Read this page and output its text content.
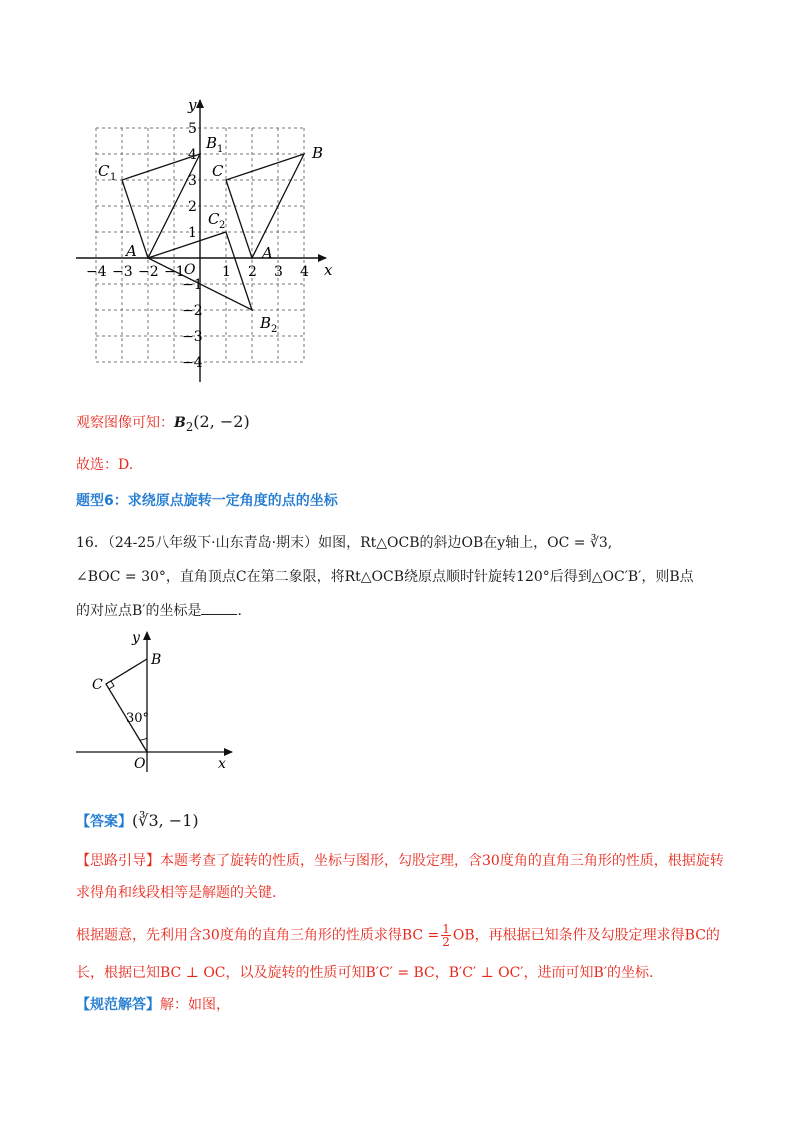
y
x
O
−4 −3 −2 −1	1 2 3 4
5
4
3
2
1
−1
−2
−3
−4
C 1
B 1
A
C
B
C 2
A
B 2
观察图像可知：$B_2(2$, −2)
故选：D.
题型6：求绕原点旋转一定角度的点的坐标
16．（24-25八年级下·山东青岛·期末）如图，Rt△OCB的斜边OB在y轴上，OC = ∛3,
∠BOC = 30°，直角顶点C在第二象限，将Rt△OCB绕原点顺时针旋转120°后得到△OC′B′，则B点
的对应点B′的坐标是	.
y
x
B
C
O
30°
【答案】(∛3, −1)
【思路引导】本题考查了旋转的性质，坐标与图形，勾股定理，含30度角的直角三角形的性质，根据旋转
求得角和线段相等是解题的关键.
根据题意，先利用含30度角的直角三角形的性质求得BC = $\frac{1}{2}$ OB，再根据已知条件及勾股定理求得BC的
长，根据已知BC ⊥ OC，以及旋转的性质可知B′C′ = BC，B′C′ ⊥ OC′，进而可知B′的坐标.
【规范解答】解：如图，
